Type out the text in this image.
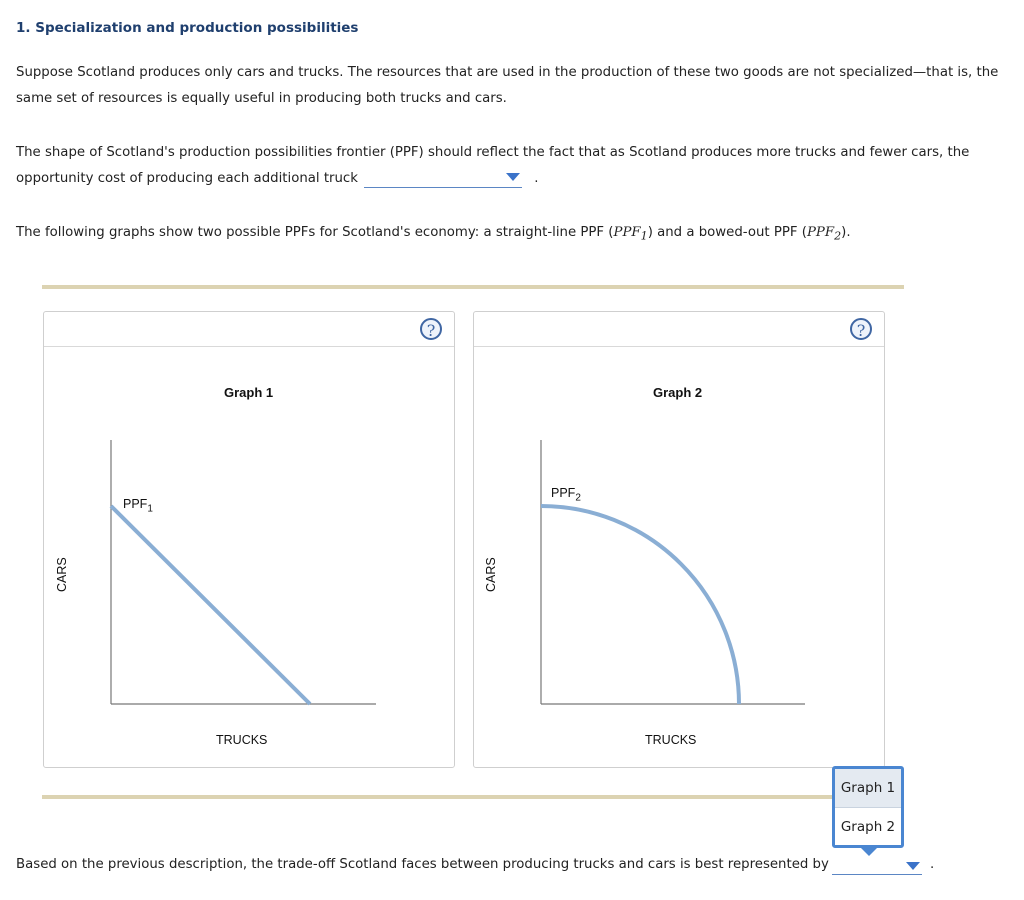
1. Specialization and production possibilities
Suppose Scotland produces only cars and trucks. The resources that are used in the production of these two goods are not specialized—that is, the
same set of resources is equally useful in producing both trucks and cars.
The shape of Scotland's production possibilities frontier (PPF) should reflect the fact that as Scotland produces more trucks and fewer cars, the
opportunity cost of producing each additional truck	.
The following graphs show two possible PPFs for Scotland's economy: a straight-line PPF $(PPF_1)$ and a bowed-out PPF $(PPF_2)$.
?
Graph 1
$PPF_1$
CARS
TRUCKS
?
Graph 2
$PPF_2$
CARS
TRUCKS
Graph 1
Graph 2
Based on the previous description, the trade-off Scotland faces between producing trucks and cars is best represented by	.
